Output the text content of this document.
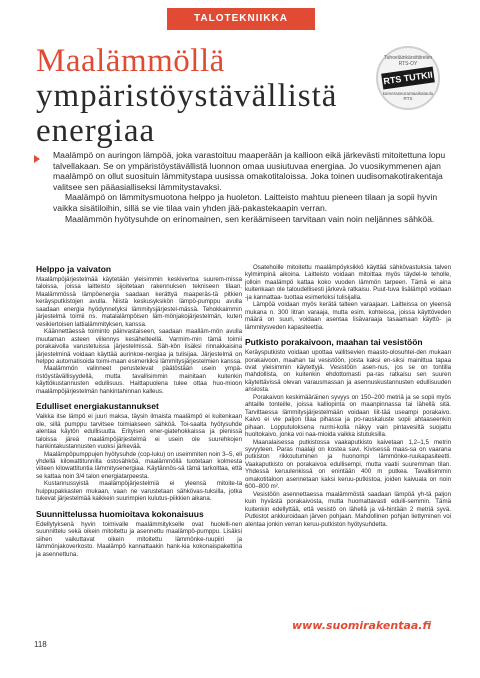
TALOTEKNIIKKA
Maalämmöllä
ympäristöystävällistä
energiaa
Tuhoeläinkärsittiirelen RTS-OY
RTS TUTKII
kameraseurantaaikataulu RTS

Maalämpö on auringon lämpöä, joka varastoituu maaperään ja kallioon eikä järkevästi mitoitettuna lopu talvellakaan. Se on ympäristöystävällistä luonnon omaa uusiutuvaa energiaa. Jo vuosikymmenen ajan maalämpö on ollut suosituin lämmitystapa uusissa omakotitaloissa. Joka toinen uudisomakotirakentaja valitsee sen pääasialliseksi lämmitystavaksi.

Maalämpö on lämmitysmuotona helppo ja huoleton. Laitteisto mahtuu pieneen tilaan ja sopii hyvin vaikka sisätiloihin, sillä se vie tilaa vain yhden jää-pakastekaapin verran.

Maalämmön hyötysuhde on erinomainen, sen keräämiseen tarvitaan vain noin neljännes sähköä.

Helppo ja vaivaton

Maalämpöjärjestelmää käytetään yleisimmin keskivertoa suurem-missa taloissa, joissa laitteisto sijoitetaan rakennuksen tekniseen tilaan. Maalämmössä lämpöenergia saadaan kerättyä maaperäs-tä pitkien keräysputkistojen avulla. Niistä keskusyksikön lämpö-pumppu avulla saadaan energia hyödynnetyksi lämmitysjärjestel-mässä. Tehokkaimmin järjestelmä toimii ns. matalalämpöisen läm-mönjakojärjestelmän, kuten vesikiertoisen lattialämmityksen, kanssa.

Käännettäessä toiminto päinvastaiseen, saadaan maalläm-mön avulla muutaman asteen viilennys kesähelteellä. Varmim-min tämä toimii porakaivolla varustetuissa järjestelmissä. Säh-kön lisäksi rinnakkaisina järjestelminä voidaan käyttää aurinkoe-nergiaa ja tulisijaa. Järjestelmä on helppo automatisoida toimi-maan esimerkiksi lämmitysjärjestelmien kanssa.

Maalämmön valinneet perustelevat päätöstään usein ympä-ristöystävällisyydellä, mutta tavallisimmin mainitaan kuitenkin käyttökustannusten edullisuus. Haittapuolena tulee ottaa huo-mioon maalämpöjärjestelmän hankintahinnan kalleus.

Edulliset energiakustannukset

Vaikka itse lämpö ei juuri maksa, täysin ilmaista maalämpö ei kuitenkaan ole, sillä pumppu tarvitsee toimiakseen sähköä. Toi-saalta hyötysuhde alentaa käytön edullisuutta. Erityisen ener-giatehokkaissa ja pienissä taloissa järeä maalämpöjärjestelmä ei usein ole suurehkojen hankintakustannusten vuoksi järkevää.

Maalämpöpumppujen hyötysuhde (cop-luku) on useimmiten noin 3–5, eli yhdellä kilowattitunnilla ostosähköä, maalämmöllä tuotetaan kolmesta viiteen kilowattituntia lämmitysenergiaa. Käytännös-sä tämä tarkoittaa, että se kattaa noin 3/4 talon energiatarpeesta.

Kustannussyistä maalämpöjärjestelmiä ei yleensä mitoite-ta huippupakkasten mukaan, vaan ne varustetaan sähkövas-tuksilla, jotka tukevat järjestelmää kaikkein suurimpien kulutus-piikkien aikana.

Suunnittelussa huomioitava kokonaisuus

Edellytyksenä hyvin toimivalle maalämmitykselle ovat huolelli-nen suunnittelu sekä oikein mitoitettu ja asennettu maalämpö-pumppu. Lisäksi siihen vaikuttavat oikein mitoitettu lämmönke-ruupiiri ja lämmönjakoverkosto. Maalämpö kannattaakin hank-kia kokonaispakettina ja asennettuna.

Osatehoille mitoitettu maalämpöyksikkö käyttää sähkövastuksia talven kylmimpinä aikoina. Laitteisto voidaan mitoittaa myös täydel-le teholle, jolloin maalämpö kattaa koko vuoden lämmön tarpeen. Tämä ei aina kuitenkaan ole taloudellisesti järkevä ratkaisu. Puut-tuva lisälämpö voidaan -ja kannattaa- tuottaa esimerkiksi tulisijalla.

Lämpöä voidaan myös kerätä talteen varaajaan. Laitteissa on yleensä mukana n. 300 litran varaaja, mutta esim. kohteissa, joissa käyttöveden määrä on suuri, voidaan asentaa lisävaraaja tasaamaan käyttö- ja lämmitysveden kapasiteettia.

Putkisto porakaivoon, maahan tai vesistöön

Keräysputkisto voidaan upottaa vallitsevien maasto-olosuhtei-den mukaan porakaivoon, maahan tai vesistöön, joista kaksi en-siksi mainittua tapaa ovat yleisimmin käytettyjä. Vesistöön asen-nus, jos se on tontilla mahdollista, on kuitenkin ehdottomasti pa-ras ratkaisu sen suuren käytettävissä olevan varausmassan ja asennuskustannusten edullisuuden ansiosta.

Porakaivon keskimääräinen syvyys on 150–200 metriä ja se sopii myös ahtaille tonteille, joissa kalliopinta on maanpinnassa tai lähellä sitä. Tarvittaessa lämmitysjärjestelmään voidaan liit-tää useampi porakaivo. Kaivo ei vie paljon tilaa pihassa ja po-rauskaluste sopii ahtaaseenkin pihaan. Lopputuloksena nurmi-kolla näkyy vain pintavesiltä suojattu huoltokaivo, jonka voi naa-mioida vaikka istutuksilla.

Maanalaisessa putkistossa vaakaputkisto kaivetaan 1,2–1,5 metrin syvyyteen. Paras maalaji on kostea savi. Kivisessä maas-sa on vaarana putkiston rikkoutuminen ja huonompi lämmönke-ruukapasiteetti. Vaakaputkisto on porakaivoa edullisempi, mutta vaatii suuremman tilan. Yhdessä keruulenkissä on enintään 400 m putkea. Tavallisimmin omakotitaloon asennetaan kaksi keruu-putkistoa, joiden kaivuala on noin 600–800 m².

Vesistöön asennettaessa maalämmöstä saadaan lämpöä yh-tä paljon kuin hyvästä porakaivosta, mutta huomattavasti edulli-semmin. Tämä kuitenkin edellyttää, että vesistö on lähellä ja vä-hintään 2 metriä syvä. Putkistot ankkuroidaan järven pohjaan. Mahdollinen pohjan liettyminen voi alentaa jonkin verran keruu-putkiston hyötysuhdetta.

www.suomirakentaa.fi
118
